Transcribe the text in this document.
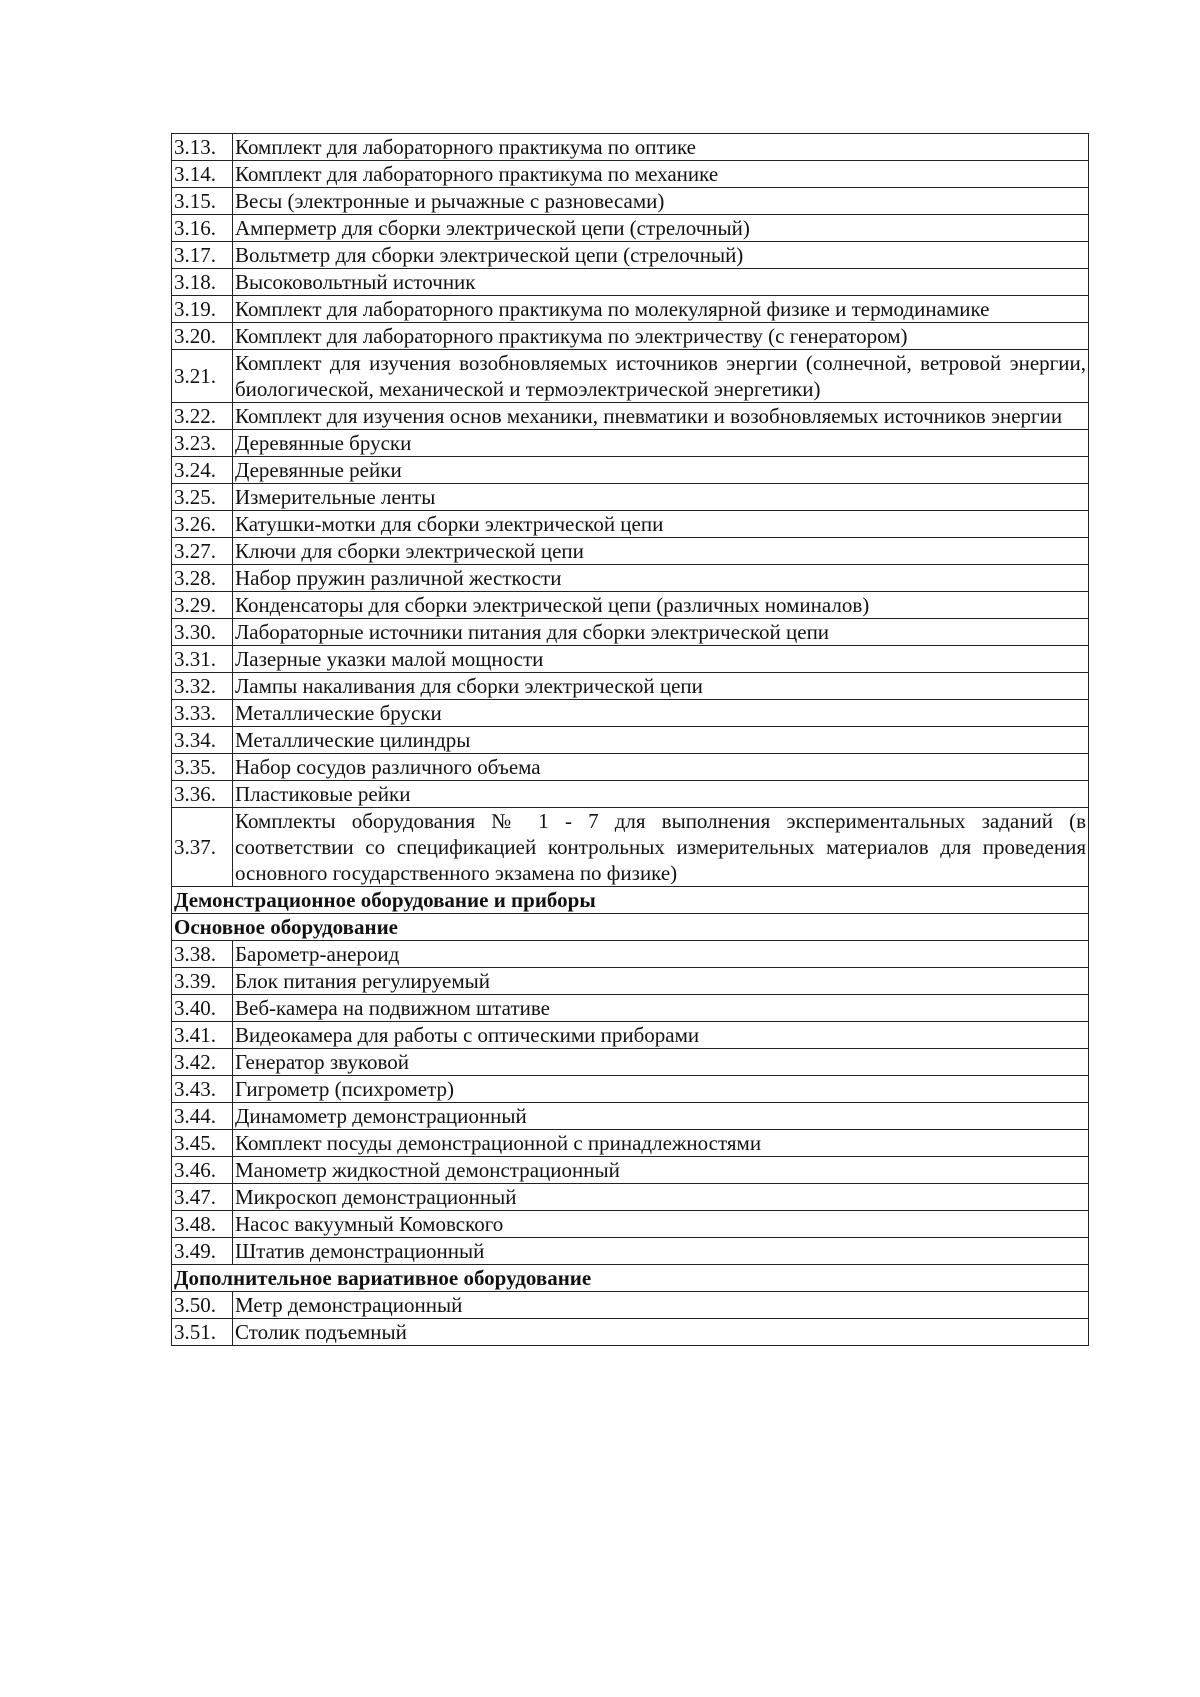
3.13.	Комплект для лабораторного практикума по оптике
3.14.	Комплект для лабораторного практикума по механике
3.15.	Весы (электронные и рычажные с разновесами)
3.16.	Амперметр для сборки электрической цепи (стрелочный)
3.17.	Вольтметр для сборки электрической цепи (стрелочный)
3.18.	Высоковольтный источник
3.19.	Комплект для лабораторного практикума по молекулярной физике и термодинамике
3.20.	Комплект для лабораторного практикума по электричеству (с генератором)
3.21.	Комплект для изучения возобновляемых источников энергии (солнечной, ветровой энергии, биологической, механической и термоэлектрической энергетики)
3.22.	Комплект для изучения основ механики, пневматики и возобновляемых источников энергии
3.23.	Деревянные бруски
3.24.	Деревянные рейки
3.25.	Измерительные ленты
3.26.	Катушки-мотки для сборки электрической цепи
3.27.	Ключи для сборки электрической цепи
3.28.	Набор пружин различной жесткости
3.29.	Конденсаторы для сборки электрической цепи (различных номиналов)
3.30.	Лабораторные источники питания для сборки электрической цепи
3.31.	Лазерные указки малой мощности
3.32.	Лампы накаливания для сборки электрической цепи
3.33.	Металлические бруски
3.34.	Металлические цилиндры
3.35.	Набор сосудов различного объема
3.36.	Пластиковые рейки
3.37.	Комплекты оборудования № 1 - 7 для выполнения экспериментальных заданий (в соответствии со спецификацией контрольных измерительных материалов для проведения основного государственного экзамена по физике)
Демонстрационное оборудование и приборы	
Основное оборудование	
3.38.	Барометр-анероид
3.39.	Блок питания регулируемый
3.40.	Веб-камера на подвижном штативе
3.41.	Видеокамера для работы с оптическими приборами
3.42.	Генератор звуковой
3.43.	Гигрометр (психрометр)
3.44.	Динамометр демонстрационный
3.45.	Комплект посуды демонстрационной с принадлежностями
3.46.	Манометр жидкостной демонстрационный
3.47.	Микроскоп демонстрационный
3.48.	Насос вакуумный Комовского
3.49.	Штатив демонстрационный
Дополнительное вариативное оборудование	
3.50.	Метр демонстрационный
3.51.	Столик подъемный
